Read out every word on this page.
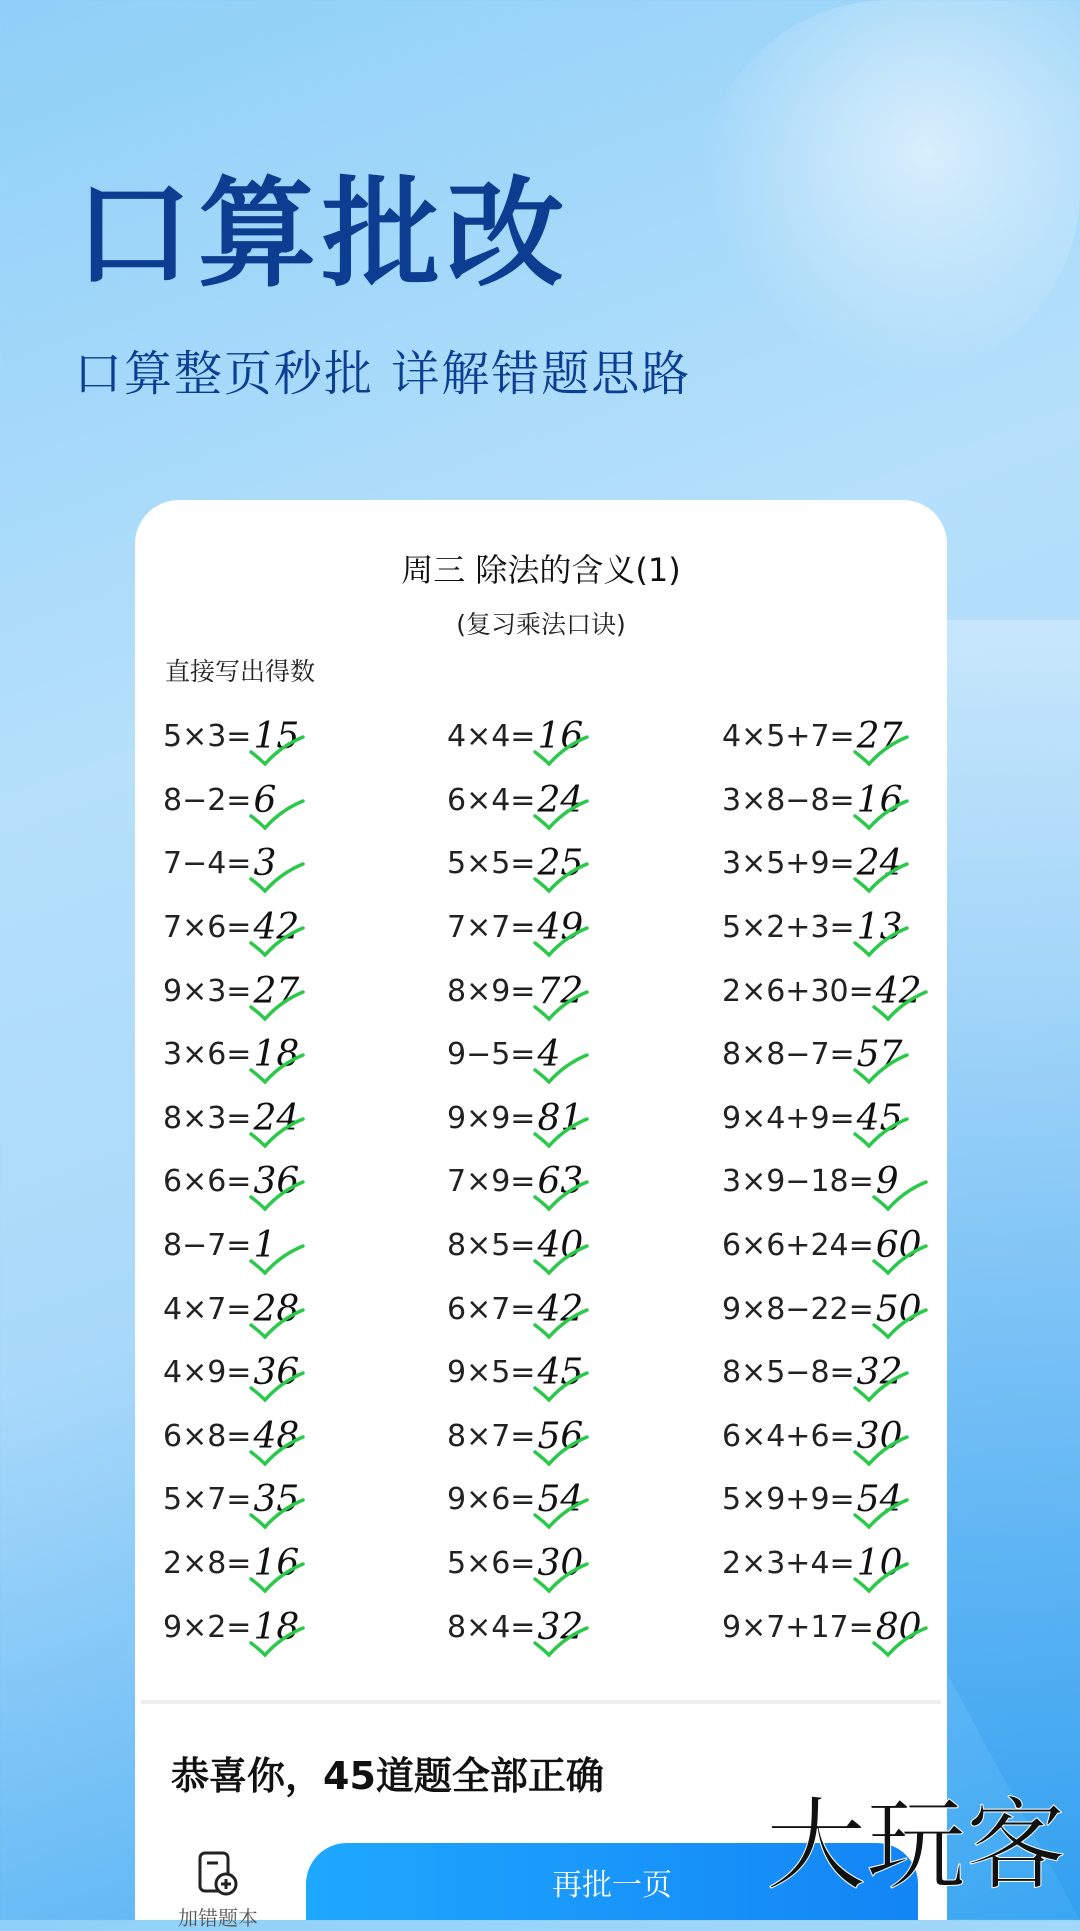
口算批改
口算整页秒批 详解错题思路
周三 除法的含义(1)
(复习乘法口诀)
直接写出得数
5×3= 15
8−2= 6
7−4= 3
7×6= 42
9×3= 27
3×6= 18
8×3= 24
6×6= 36
8−7= 1
4×7= 28
4×9= 36
6×8= 48
5×7= 35
2×8= 16
9×2= 18
4×4= 16
6×4= 24
5×5= 25
7×7= 49
8×9= 72
9−5= 4
9×9= 81
7×9= 63
8×5= 40
6×7= 42
9×5= 45
8×7= 56
9×6= 54
5×6= 30
8×4= 32
4×5+7= 27
3×8−8= 16
3×5+9= 24
5×2+3= 13
2×6+30= 42
8×8−7= 57
9×4+9= 45
3×9−18= 9
6×6+24= 60
9×8−22= 50
8×5−8= 32
6×4+6= 30
5×9+9= 54
2×3+4= 10
9×7+17= 80
恭喜你，45道题全部正确
加错题本
再批一页 大玩客
